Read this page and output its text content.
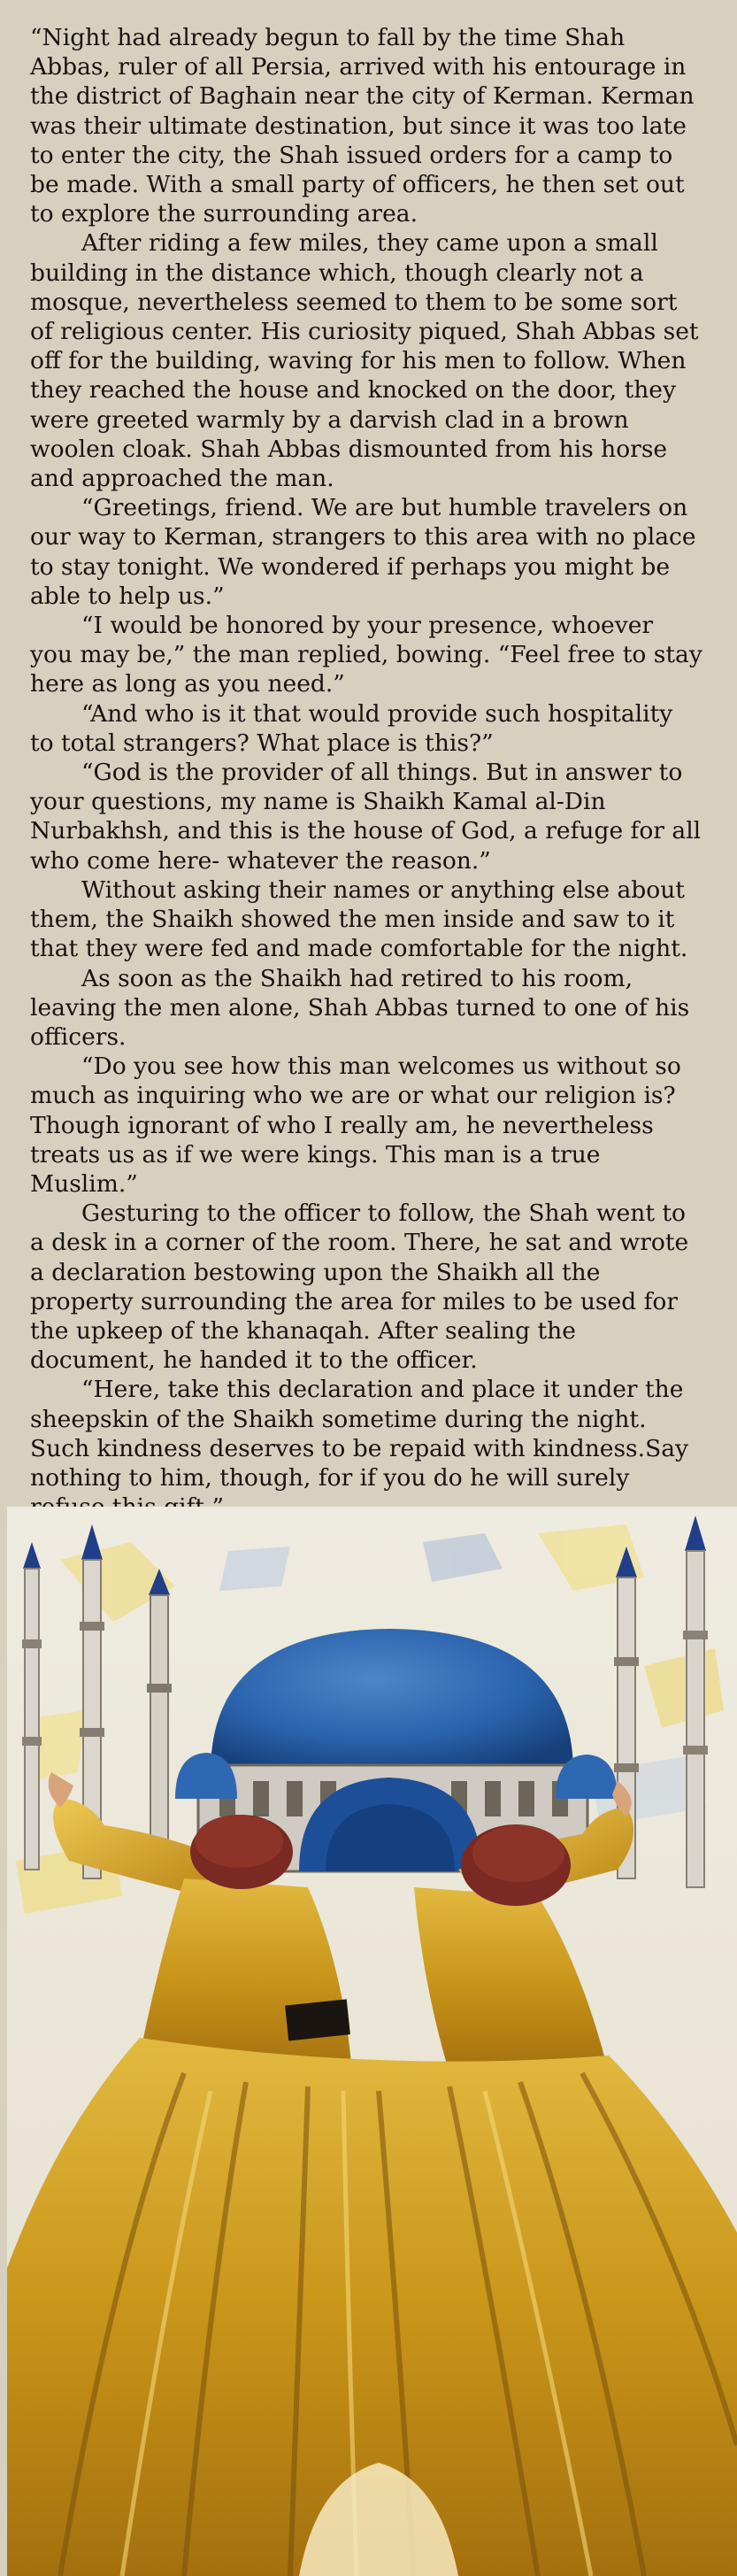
“Night had already begun to fall by the time Shah Abbas, ruler of all Persia, arrived with his entourage in the district of Baghain near the city of Kerman. Kerman was their ultimate destination, but since it was too late to enter the city, the Shah issued orders for a camp to be made. With a small party of officers, he then set out to explore the surrounding area.

After riding a few miles, they came upon a small building in the distance which, though clearly not a mosque, nevertheless seemed to them to be some sort of religious center. His curiosity piqued, Shah Abbas set off for the building, waving for his men to follow. When they reached the house and knocked on the door, they were greeted warmly by a darvish clad in a brown woolen cloak. Shah Abbas dismounted from his horse and approached the man.

“Greetings, friend. We are but humble travelers on our way to Kerman, strangers to this area with no place to stay tonight. We wondered if perhaps you might be able to help us.”

“I would be honored by your presence, whoever you may be,” the man replied, bowing. “Feel free to stay here as long as you need.”

“And who is it that would provide such hospitality to total strangers? What place is this?”

“God is the provider of all things. But in answer to your questions, my name is Shaikh Kamal al-Din Nurbakhsh, and this is the house of God, a refuge for all who come here- whatever the reason.”

Without asking their names or anything else about them, the Shaikh showed the men inside and saw to it that they were fed and made comfortable for the night.

As soon as the Shaikh had retired to his room, leaving the men alone, Shah Abbas turned to one of his officers.

“Do you see how this man welcomes us without so much as inquiring who we are or what our religion is? Though ignorant of who I really am, he nevertheless treats us as if we were kings. This man is a true Muslim.”

Gesturing to the officer to follow, the Shah went to a desk in a corner of the room. There, he sat and wrote a declaration bestowing upon the Shaikh all the property surrounding the area for miles to be used for the upkeep of the khanaqah. After sealing the document, he handed it to the officer.

“Here, take this declaration and place it under the sheepskin of the Shaikh sometime during the night. Such kindness deserves to be repaid with kindness.Say nothing to him, though, for if you do he will surely
